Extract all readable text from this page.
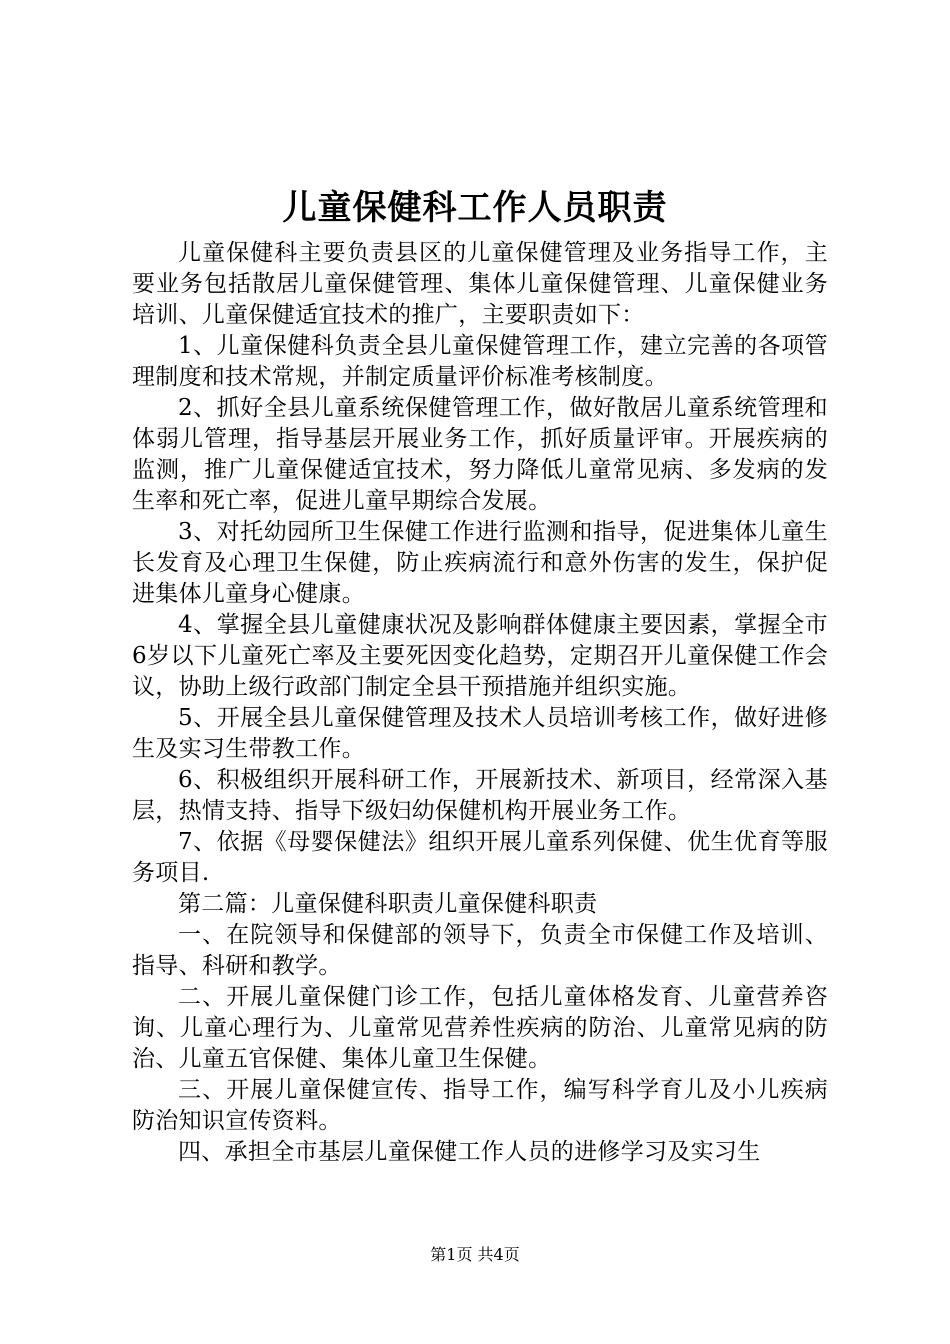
儿童保健科工作人员职责

儿童保健科主要负责县区的儿童保健管理及业务指导工作，主要业务包括散居儿童保健管理、集体儿童保健管理、儿童保健业务培训、儿童保健适宜技术的推广，主要职责如下：

1、儿童保健科负责全县儿童保健管理工作，建立完善的各项管理制度和技术常规，并制定质量评价标准考核制度。

2、抓好全县儿童系统保健管理工作，做好散居儿童系统管理和体弱儿管理，指导基层开展业务工作，抓好质量评审。开展疾病的监测，推广儿童保健适宜技术，努力降低儿童常见病、多发病的发生率和死亡率，促进儿童早期综合发展。

3、对托幼园所卫生保健工作进行监测和指导，促进集体儿童生长发育及心理卫生保健，防止疾病流行和意外伤害的发生，保护促进集体儿童身心健康。

4、掌握全县儿童健康状况及影响群体健康主要因素，掌握全市6岁以下儿童死亡率及主要死因变化趋势，定期召开儿童保健工作会议，协助上级行政部门制定全县干预措施并组织实施。

5、开展全县儿童保健管理及技术人员培训考核工作，做好进修生及实习生带教工作。

6、积极组织开展科研工作，开展新技术、新项目，经常深入基层，热情支持、指导下级妇幼保健机构开展业务工作。

7、依据《母婴保健法》组织开展儿童系列保健、优生优育等服务项目.

第二篇：儿童保健科职责儿童保健科职责

一、在院领导和保健部的领导下，负责全市保健工作及培训、指导、科研和教学。

二、开展儿童保健门诊工作，包括儿童体格发育、儿童营养咨询、儿童心理行为、儿童常见营养性疾病的防治、儿童常见病的防治、儿童五官保健、集体儿童卫生保健。

三、开展儿童保健宣传、指导工作，编写科学育儿及小儿疾病防治知识宣传资料。

四、承担全市基层儿童保健工作人员的进修学习及实习生

第1页 共4页
